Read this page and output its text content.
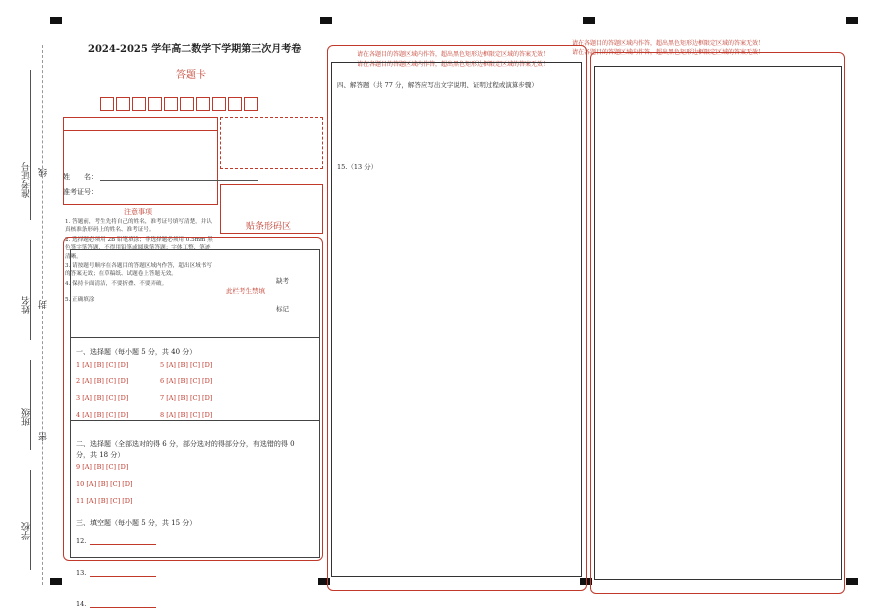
准考证号 线
姓名 封
班级
密
学校
2024-2025 学年高二数学下学期第三次月考卷
答题卡
姓　　名：
准考证号：
贴条形码区
注意事项
1. 答题前，考生先将自己的姓名，准考证号填写清楚，并认真核准条形码上的姓名、准考证号。
2. 选择题必须用 2B 铅笔填涂；非选择题必须用 0.5mm 黑色签字笔答题，不得用铅笔或圆珠笔答题；字体工整、笔迹清晰。
3. 请按题号顺序在各题目的答题区域内作答，超出区域书写的答案无效；在草稿纸、试题卷上答题无效。
4. 保持卡面清洁，不要折叠、不要弄破。
5. 正确填涂
此栏考生禁填
缺考
标记
一、选择题（每小题 5 分，共 40 分）
1 [A] [B] [C] [D]
2 [A] [B] [C] [D]
3 [A] [B] [C] [D]
4 [A] [B] [C] [D]
5 [A] [B] [C] [D]
6 [A] [B] [C] [D]
7 [A] [B] [C] [D]
8 [A] [B] [C] [D]
二、选择题（全部选对的得 6 分，部分选对的得部分分，有选错的得 0
分，共 18 分）
9 [A] [B] [C] [D]
10 [A] [B] [C] [D]
11 [A] [B] [C] [D]
三、填空题（每小题 5 分，共 15 分）
12.
13.
14.
请在各题目的答题区域内作答，超出黑色矩形边框限定区域的答案无效！
请在各题目的答题区域内作答，超出黑色矩形边框限定区域的答案无效！
四、解答题（共 77 分，解答应写出文字说明、证明过程或演算步骤）
15.（13 分）
请在各题目的答题区域内作答，超出黑色矩形边框限定区域的答案无效！
请在各题目的答题区域内作答，超出黑色矩形边框限定区域的答案无效！
